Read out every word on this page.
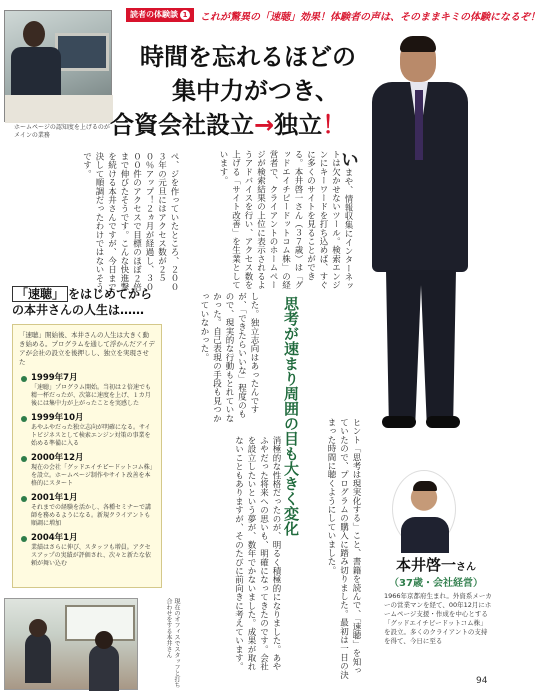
読者の体験談 1	これが驚異の「速聴」効果！体験者の声は、そのままキミの体験になるぞ！
ホームページの認知度を上げるのがメインの業務
時間を忘れるほどの
集中力がつき、
合資会社設立→独立！
いまや、情報収集にインターネットは欠かせないツール。検索エンジンにキーワードを打ち込めば、すぐに多くのサイトを見ることができる。本井啓一さん（３７歳）は「グッドエイチピードットコム株」の経営者で、クライアントのホームページが検索結果の上位に表示されるようアドバイスを行い、アクセス数を上げる「サイト改善」を生業としています。
ぺ、ジを作っていたところ、２００３年の元旦にはアクセス数が２５０％アップ！２ヵ月が経過し、３０００件のアクセスで目標のほぼ２倍まで伸びたそうです。こんな快進撃を続ける本井さんですが、今日まで決して順調だったわけではないそうです。
した。独立志向はあったんですが、「できたらいいな」程度のもので、現実的な行動もとれていなかった。自己表現の手段も見つかっていなかった。
ヒント「思考は現実化する」こと、書籍を読んで、「速聴」を知っていたので、プログラムの購入に踏み切りました。最初は一日の決まった時間に聴くようにしていました。
消極的な性格だったのが、明るく積極的になりました。あやふやだった将来への思いも、明確になってきたのです。会社を設立したいという夢が、数年でかないました。成果が取れないこともありますが、そのたびに前向きに考えています。
思考が速まり周囲の目も大きく変化
「速聴」 をはじめてからの本井さんの人生は……
「速聴」開始後、本井さんの人生は大きく動き始める。プログラムを通して浮かんだアイデアが会社の設立を後押しし、独立を実現させた
1999年7月
「速聴」プログラム開始。当初は２倍速でも精一杯だったが、次第に速度を上げ、１カ月後には集中力が上がったことを実感した
1999年10月
あやふやだった独立志向が明確になる。サイトビジネスとして検索エンジン対策の事業を始める準備に入る
2000年12月
現在の会社「グッドエイチピードットコム株」を設立。ホームページ制作やサイト改善を本格的にスタート
2001年1月
それまでの経験を活かし、各種セミナーで講師を務めるようになる。新規クライアントも順調に増加
2004年1月
業績はさらに伸び、スタッフも増員。アクセスアップの実績が評価され、次々と新たな依頼が舞い込む
現在のオフィスでスタッフと打ち合わせをする本井さん
本井啓一さん
（37歳・会社経営）
1966年京都府生まれ。外資系メーカーの営業マンを経て、00年12月にホームページ支援・作成を中心とする「グッドエイチピードットコム株」を設立。多くのクライアントの支持を得て、今日に至る
94
